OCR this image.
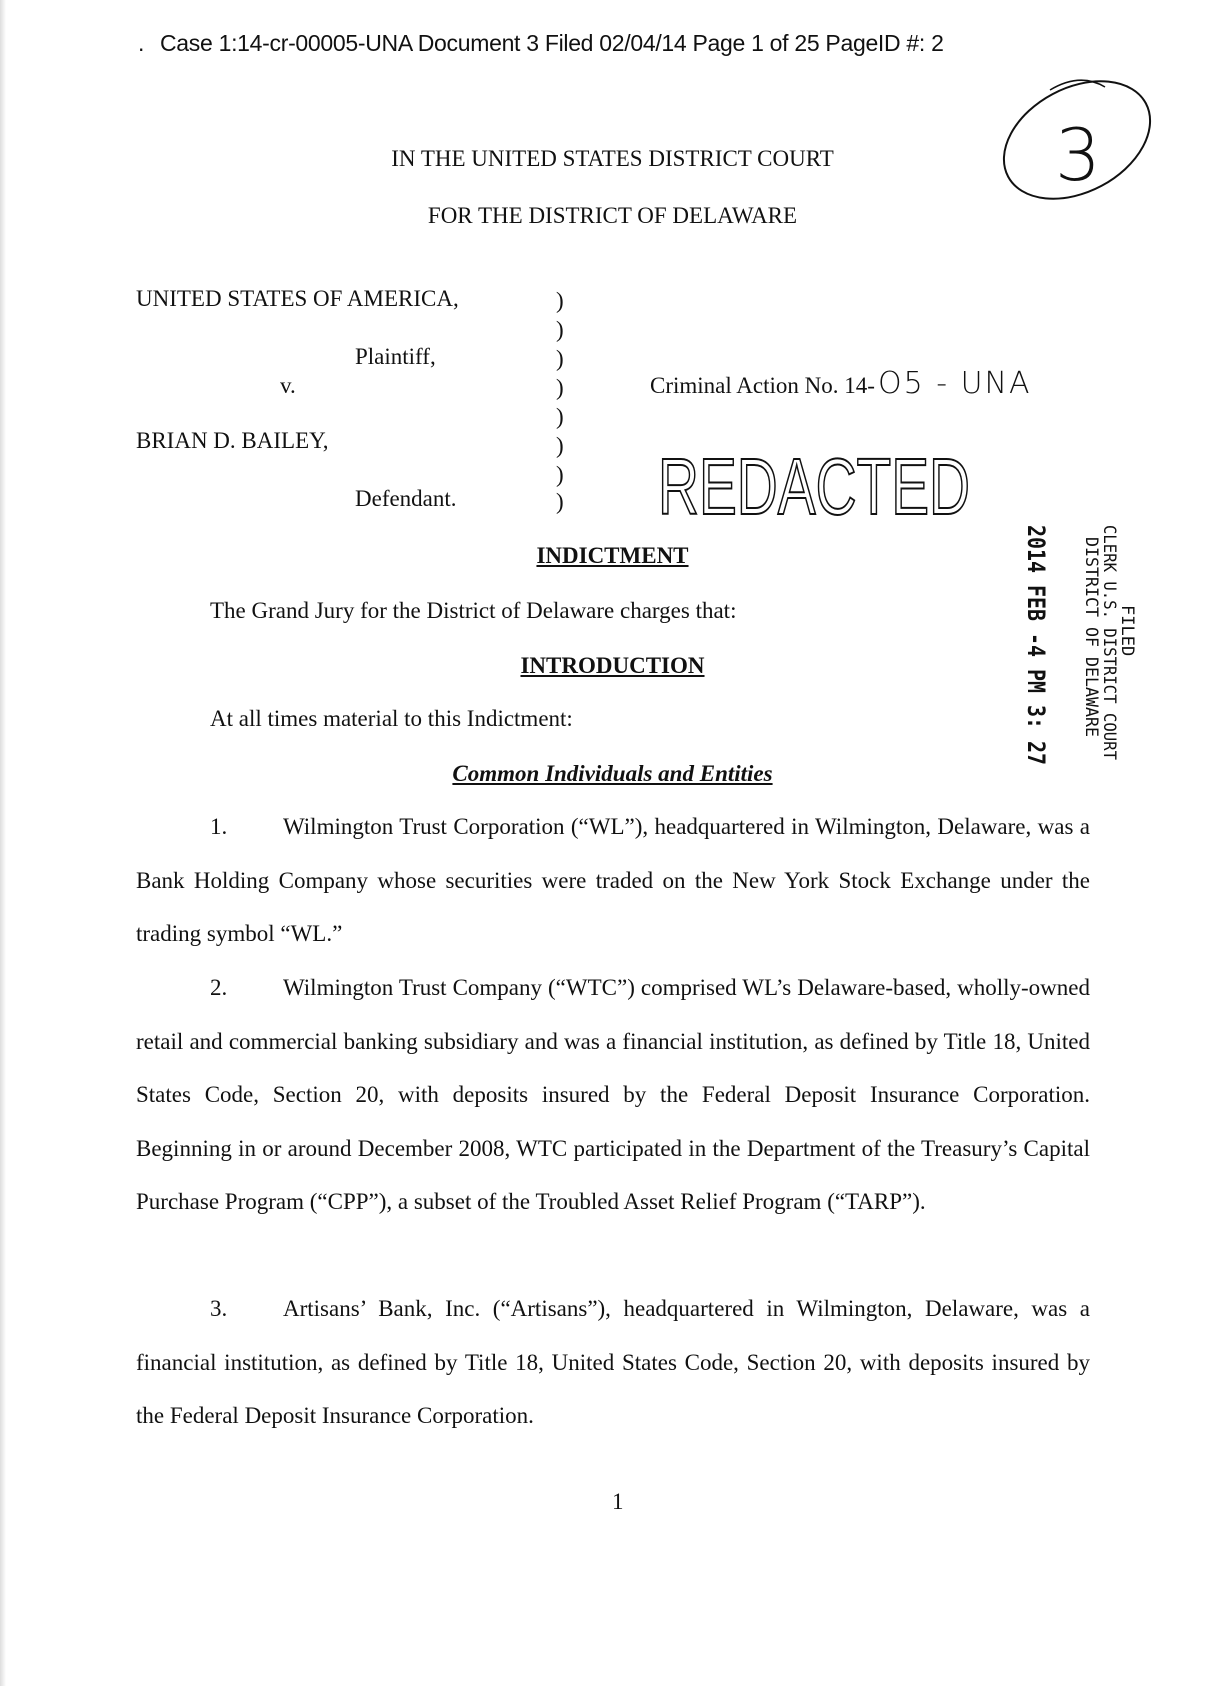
. Case 1:14-cr-00005-UNA Document 3 Filed 02/04/14 Page 1 of 25 PageID #: 2
3
IN THE UNITED STATES DISTRICT COURT
FOR THE DISTRICT OF DELAWARE
UNITED STATES OF AMERICA,
Plaintiff,
v.
BRIAN D. BAILEY,
Defendant.
)
)
)
)
)
)
)
)
Criminal Action No. 14- O5 - UNA
REDACTED
FILED
CLERK U.S. DISTRICT COURT
DISTRICT OF DELAWARE
2014 FEB -4 PM 3: 27
INDICTMENT
The Grand Jury for the District of Delaware charges that:
INTRODUCTION
At all times material to this Indictment:
Common Individuals and Entities
1. Wilmington Trust Corporation (“WL”), headquartered in Wilmington, Delaware, was a Bank Holding Company whose securities were traded on the New York Stock Exchange under the trading symbol “WL.”
2. Wilmington Trust Company (“WTC”) comprised WL’s Delaware-based, wholly-owned retail and commercial banking subsidiary and was a financial institution, as defined by Title 18, United States Code, Section 20, with deposits insured by the Federal Deposit Insurance Corporation. Beginning in or around December 2008, WTC participated in the Department of the Treasury’s Capital Purchase Program (“CPP”), a subset of the Troubled Asset Relief Program (“TARP”).
3. Artisans’ Bank, Inc. (“Artisans”), headquartered in Wilmington, Delaware, was a financial institution, as defined by Title 18, United States Code, Section 20, with deposits insured by the Federal Deposit Insurance Corporation.
1
